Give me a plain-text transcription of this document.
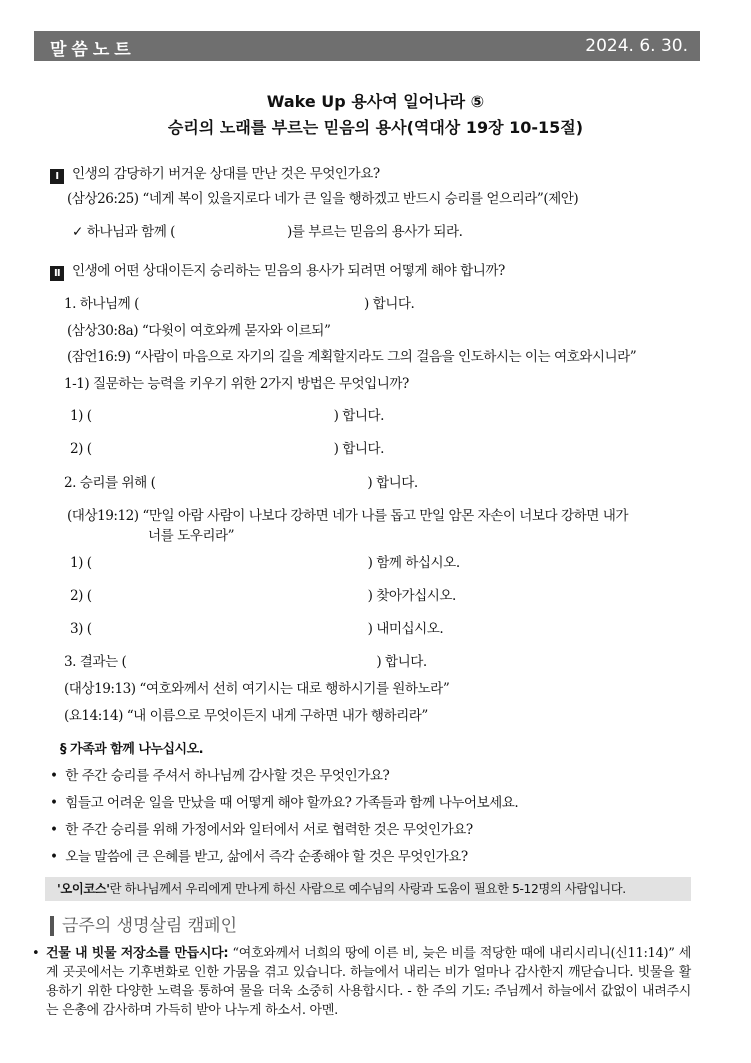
말씀노트	2024. 6. 30.
Wake Up 용사여 일어나라 ⑤
승리의 노래를 부르는 믿음의 용사(역대상 19장 10-15절)
Ⅰ 인생의 감당하기 버거운 상대를 만난 것은 무엇인가요?
(삼상26:25) “네게 복이 있을지로다 네가 큰 일을 행하겠고 반드시 승리를 얻으리라”(제안)
✓ 하나님과 함께 (	)를 부르는 믿음의 용사가 되라.
Ⅱ 인생에 어떤 상대이든지 승리하는 믿음의 용사가 되려면 어떻게 해야 합니까?
1. 하나님께 (	) 합니다.
(삼상30:8a) “다윗이 여호와께 묻자와 이르되”
(잠언16:9) “사람이 마음으로 자기의 길을 계획할지라도 그의 걸음을 인도하시는 이는 여호와시니라”
1-1) 질문하는 능력을 키우기 위한 2가지 방법은 무엇입니까?
1) (	) 합니다.
2) (	) 합니다.
2. 승리를 위해 (	) 합니다.
(대상19:12) “만일 아람 사람이 나보다 강하면 네가 나를 돕고 만일 암몬 자손이 너보다 강하면 내가
너를 도우리라”
1) (	) 함께 하십시오.
2) (	) 찾아가십시오.
3) (	) 내미십시오.
3. 결과는 (	) 합니다.
(대상19:13) “여호와께서 선히 여기시는 대로 행하시기를 원하노라”
(요14:14) “내 이름으로 무엇이든지 내게 구하면 내가 행하리라”
§ 가족과 함께 나누십시오.
• 한 주간 승리를 주셔서 하나님께 감사할 것은 무엇인가요?
• 힘들고 어려운 일을 만났을 때 어떻게 해야 할까요? 가족들과 함께 나누어보세요.
• 한 주간 승리를 위해 가정에서와 일터에서 서로 협력한 것은 무엇인가요?
• 오늘 말씀에 큰 은혜를 받고, 삶에서 즉각 순종해야 할 것은 무엇인가요?
'오이코스'란 하나님께서 우리에게 만나게 하신 사람으로 예수님의 사랑과 도움이 필요한 5-12명의 사람입니다.
금주의 생명살림 캠페인
• 건물 내 빗물 저장소를 만듭시다: “여호와께서 너희의 땅에 이른 비, 늦은 비를 적당한 때에 내리시리니(신11:14)” 세계 곳곳에서는 기후변화로 인한 가뭄을 겪고 있습니다. 하늘에서 내리는 비가 얼마나 감사한지 깨닫습니다. 빗물을 활용하기 위한 다양한 노력을 통하여 물을 더욱 소중히 사용합시다. - 한 주의 기도: 주님께서 하늘에서 값없이 내려주시는 은총에 감사하며 가득히 받아 나누게 하소서. 아멘.
